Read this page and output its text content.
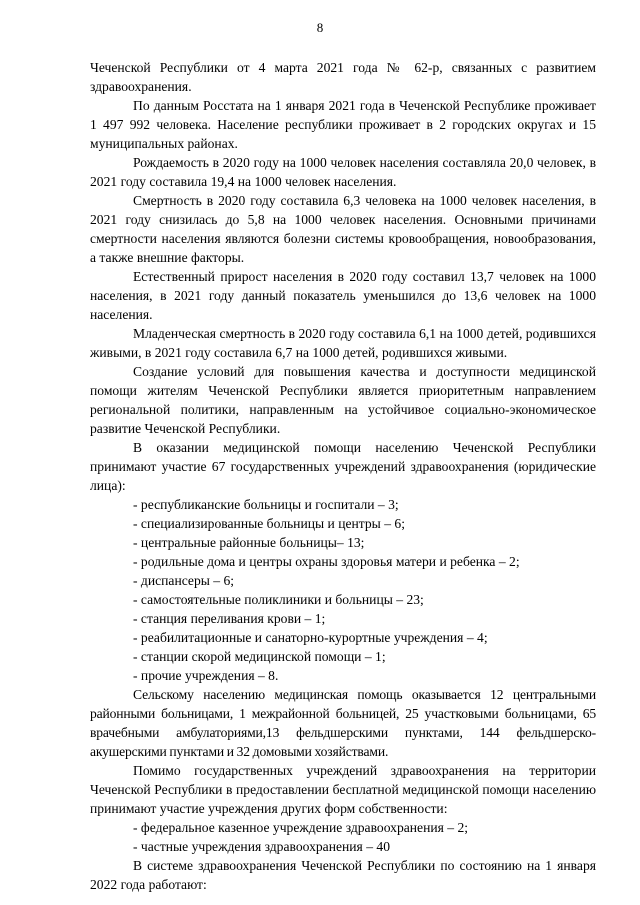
8

Чеченской Республики от 4 марта 2021 года № 62-р, связанных с развитием здравоохранения.

По данным Росстата на 1 января 2021 года в Чеченской Республике проживает 1 497 992 человека. Население республики проживает в 2 городских округах и 15 муниципальных районах.

Рождаемость в 2020 году на 1000 человек населения составляла 20,0 человек, в 2021 году составила 19,4 на 1000 человек населения.

Смертность в 2020 году составила 6,3 человека на 1000 человек населения, в 2021 году снизилась до 5,8 на 1000 человек населения. Основными причинами смертности населения являются болезни системы кровообращения, новообразования, а также внешние факторы.

Естественный прирост населения в 2020 году составил 13,7 человек на 1000 населения, в 2021 году данный показатель уменьшился до 13,6 человек на 1000 населения.

Младенческая смертность в 2020 году составила 6,1 на 1000 детей, родившихся живыми, в 2021 году составила 6,7 на 1000 детей, родившихся живыми.

Создание условий для повышения качества и доступности медицинской помощи жителям Чеченской Республики является приоритетным направлением региональной политики, направленным на устойчивое социально-экономическое развитие Чеченской Республики.

В оказании медицинской помощи населению Чеченской Республики принимают участие 67 государственных учреждений здравоохранения (юридические лица):

- республиканские больницы и госпитали – 3;

- специализированные больницы и центры – 6;

- центральные районные больницы– 13;

- родильные дома и центры охраны здоровья матери и ребенка – 2;

- диспансеры – 6;

- самостоятельные поликлиники и больницы – 23;

- станция переливания крови – 1;

- реабилитационные и санаторно-курортные учреждения – 4;

- станции скорой медицинской помощи – 1;

- прочие учреждения – 8.

Сельскому населению медицинская помощь оказывается 12 центральными районными больницами, 1 межрайонной больницей, 25 участковыми больницами, 65 врачебными амбулаториями,13 фельдшерскими пунктами, 144 фельдшерско-акушерскими пунктами и 32 домовыми хозяйствами.

Помимо государственных учреждений здравоохранения на территории Чеченской Республики в предоставлении бесплатной медицинской помощи населению принимают участие учреждения других форм собственности:

- федеральное казенное учреждение здравоохранения – 2;

- частные учреждения здравоохранения – 40

В системе здравоохранения Чеченской Республики по состоянию на 1 января 2022 года работают:
